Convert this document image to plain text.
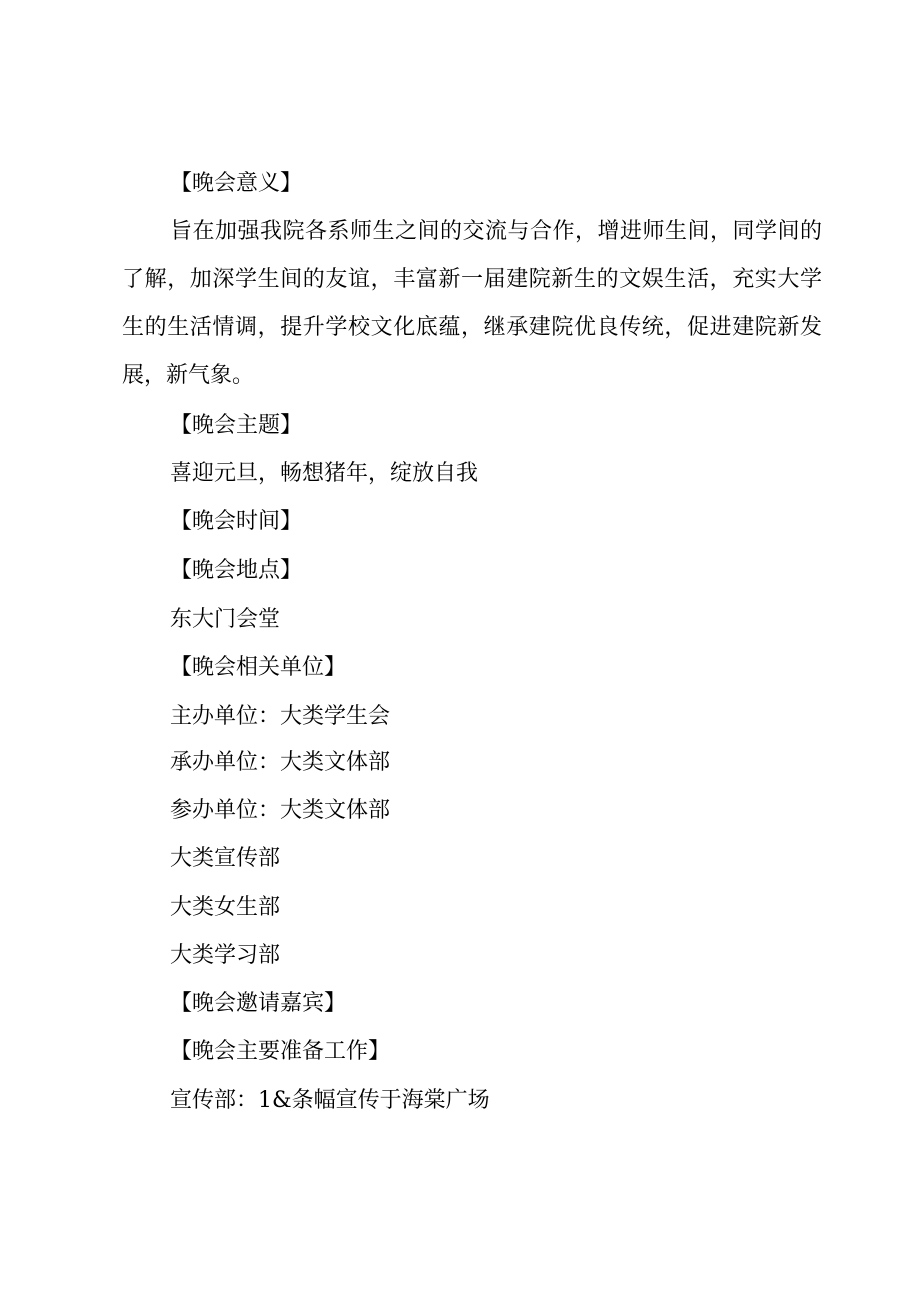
【晚会意义】

旨在加强我院各系师生之间的交流与合作，增进师生间，同学间的了解，加深学生间的友谊，丰富新一届建院新生的文娱生活，充实大学生的生活情调，提升学校文化底蕴，继承建院优良传统，促进建院新发展，新气象。

【晚会主题】

喜迎元旦，畅想猪年，绽放自我

【晚会时间】

【晚会地点】

东大门会堂

【晚会相关单位】

主办单位：大类学生会

承办单位：大类文体部

参办单位：大类文体部

大类宣传部

大类女生部

大类学习部

【晚会邀请嘉宾】

【晚会主要准备工作】

宣传部：1&条幅宣传于海棠广场
